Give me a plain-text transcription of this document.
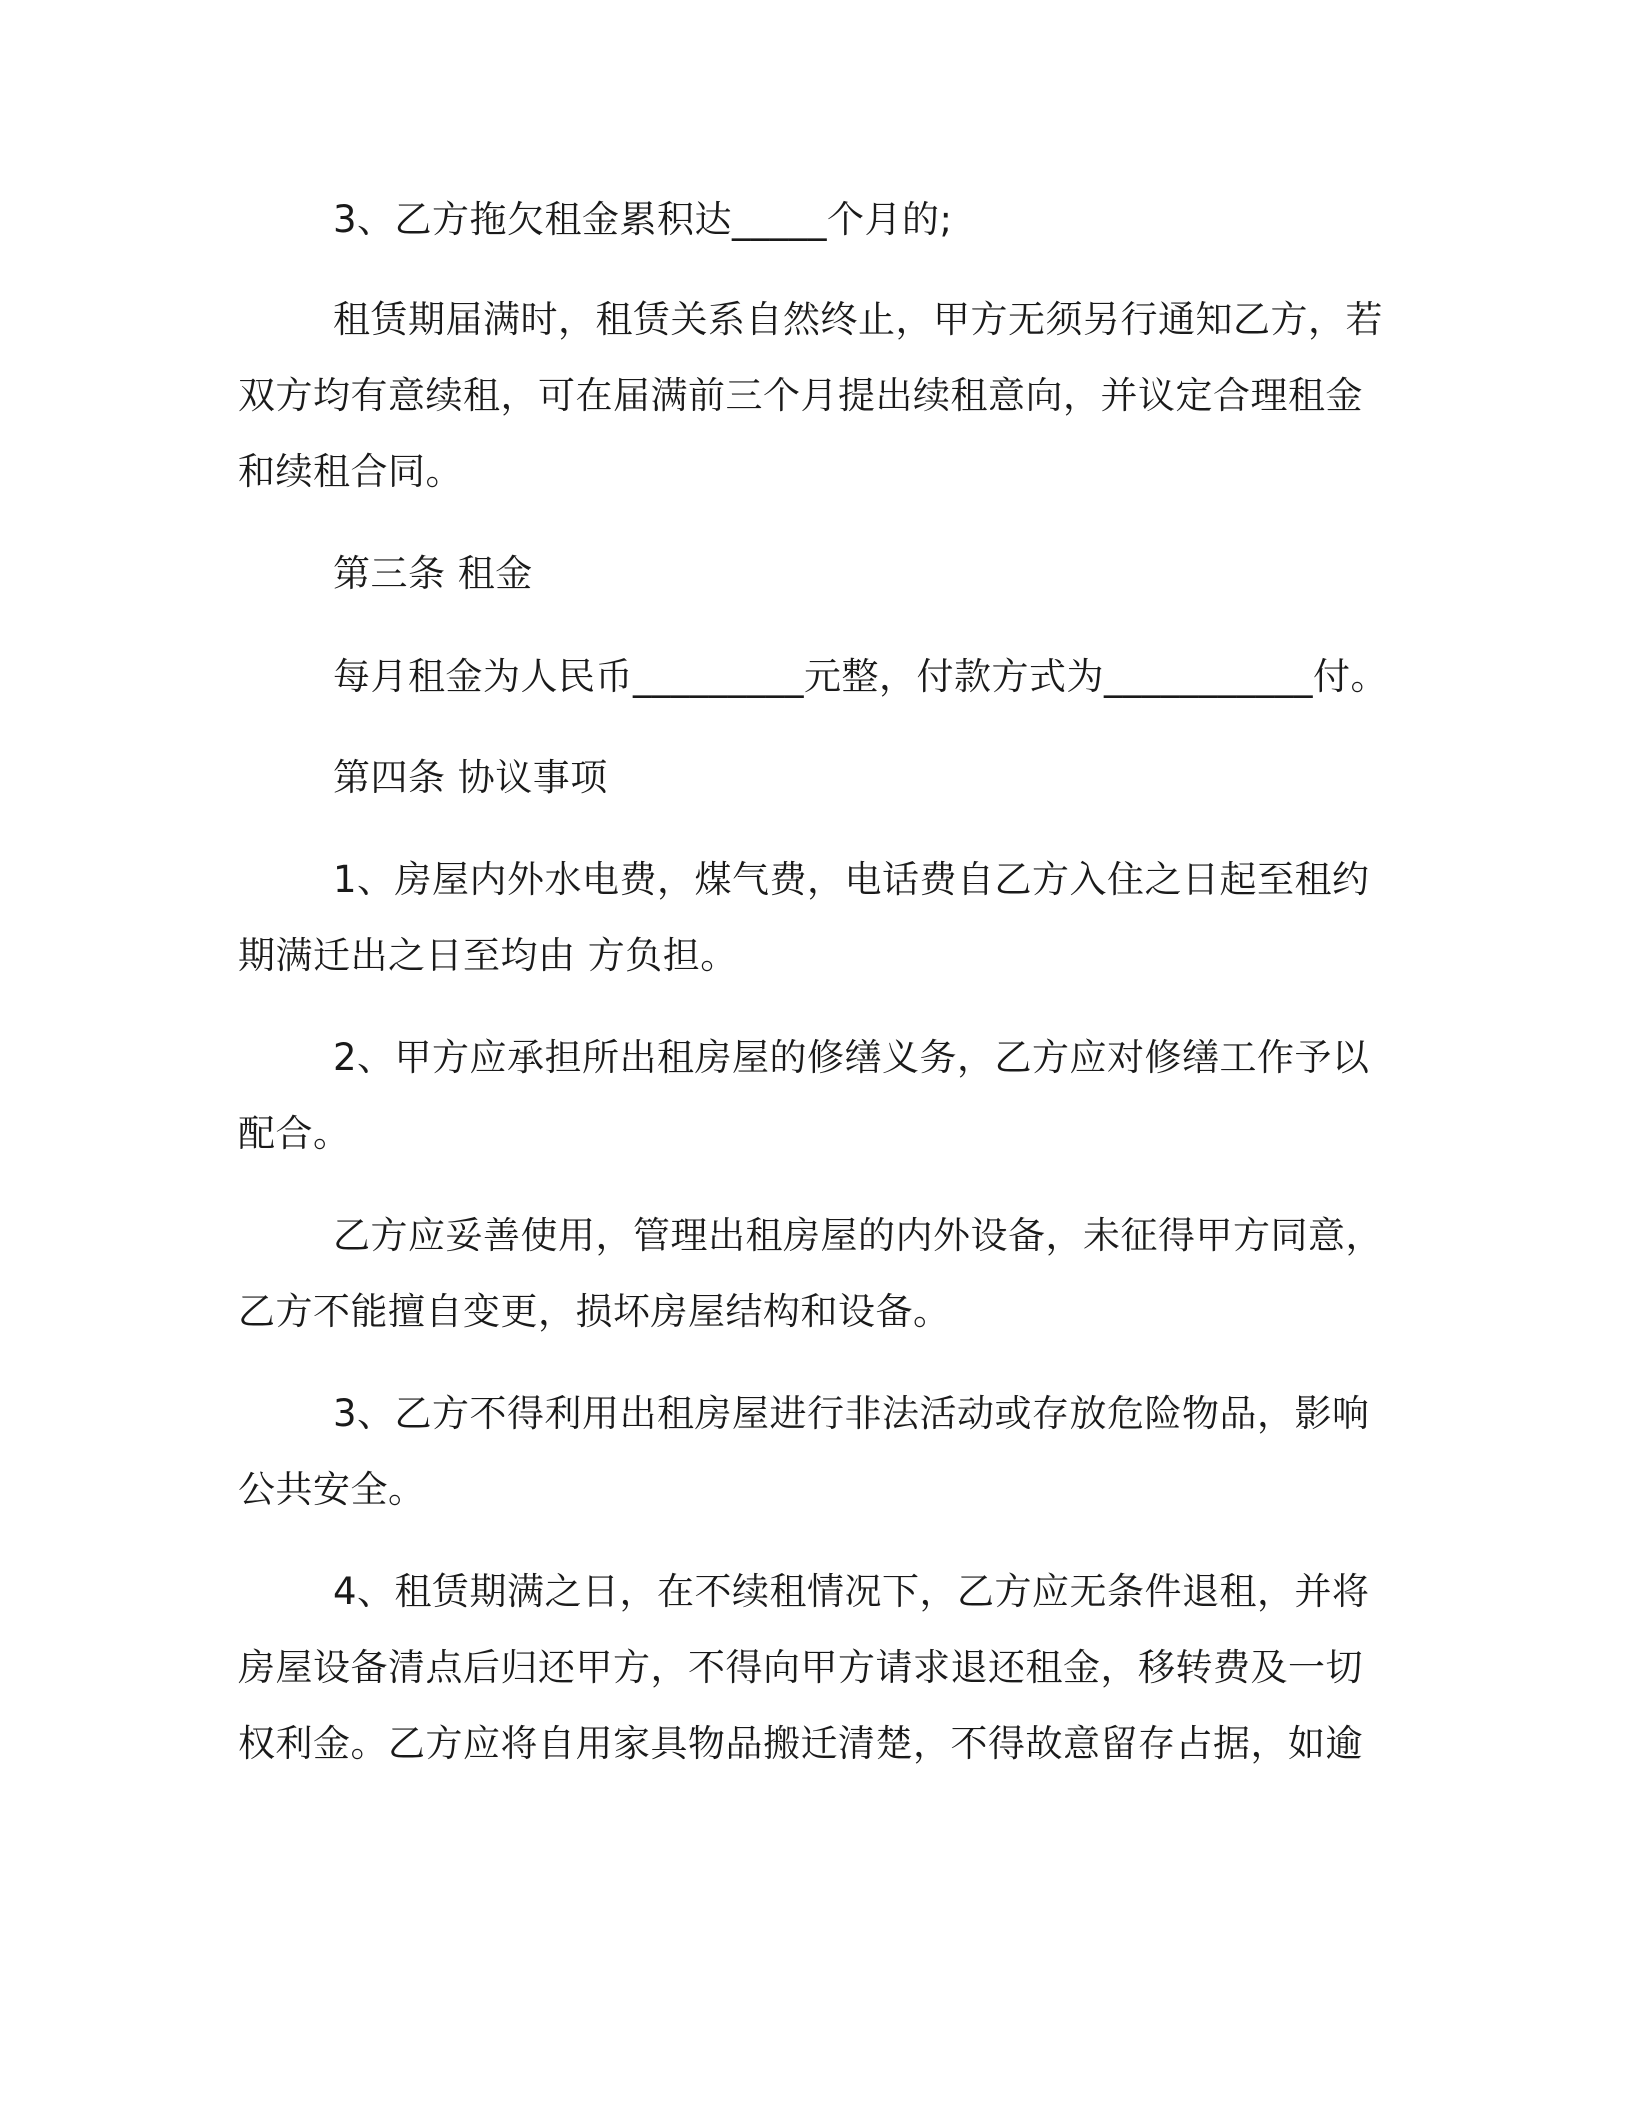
3、乙方拖欠租金累积达_____个月的;
租赁期届满时，租赁关系自然终止，甲方无须另行通知乙方，若
双方均有意续租，可在届满前三个月提出续租意向，并议定合理租金
和续租合同。
第三条 租金
每月租金为人民币_________元整，付款方式为___________付。
第四条 协议事项
1、房屋内外水电费，煤气费，电话费自乙方入住之日起至租约
期满迁出之日至均由 方负担。
2、甲方应承担所出租房屋的修缮义务，乙方应对修缮工作予以
配合。
乙方应妥善使用，管理出租房屋的内外设备，未征得甲方同意，
乙方不能擅自变更，损坏房屋结构和设备。
3、乙方不得利用出租房屋进行非法活动或存放危险物品，影响
公共安全。
4、租赁期满之日，在不续租情况下，乙方应无条件退租，并将
房屋设备清点后归还甲方，不得向甲方请求退还租金，移转费及一切
权利金。乙方应将自用家具物品搬迁清楚，不得故意留存占据，如逾
